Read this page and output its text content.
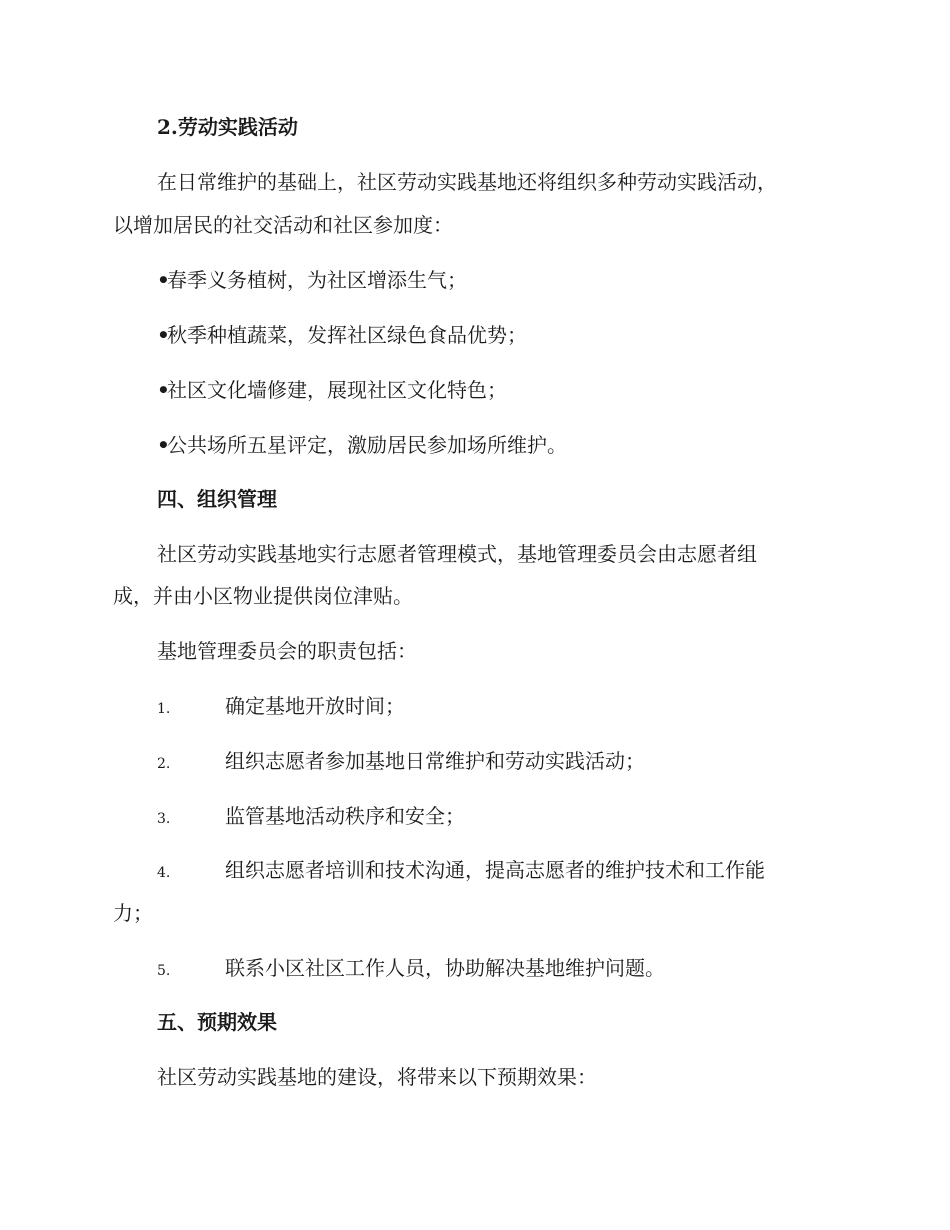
2.劳动实践活动
在日常维护的基础上，社区劳动实践基地还将组织多种劳动实践活动，
以增加居民的社交活动和社区参加度：
•春季义务植树，为社区增添生气；
•秋季种植蔬菜，发挥社区绿色食品优势；
•社区文化墙修建，展现社区文化特色；
•公共场所五星评定，激励居民参加场所维护。
四、组织管理
社区劳动实践基地实行志愿者管理模式，基地管理委员会由志愿者组
成，并由小区物业提供岗位津贴。
基地管理委员会的职责包括：
1.	确定基地开放时间；
2.	组织志愿者参加基地日常维护和劳动实践活动；
3.	监管基地活动秩序和安全；
4.	组织志愿者培训和技术沟通，提高志愿者的维护技术和工作能
力；
5.	联系小区社区工作人员，协助解决基地维护问题。
五、预期效果
社区劳动实践基地的建设，将带来以下预期效果：
